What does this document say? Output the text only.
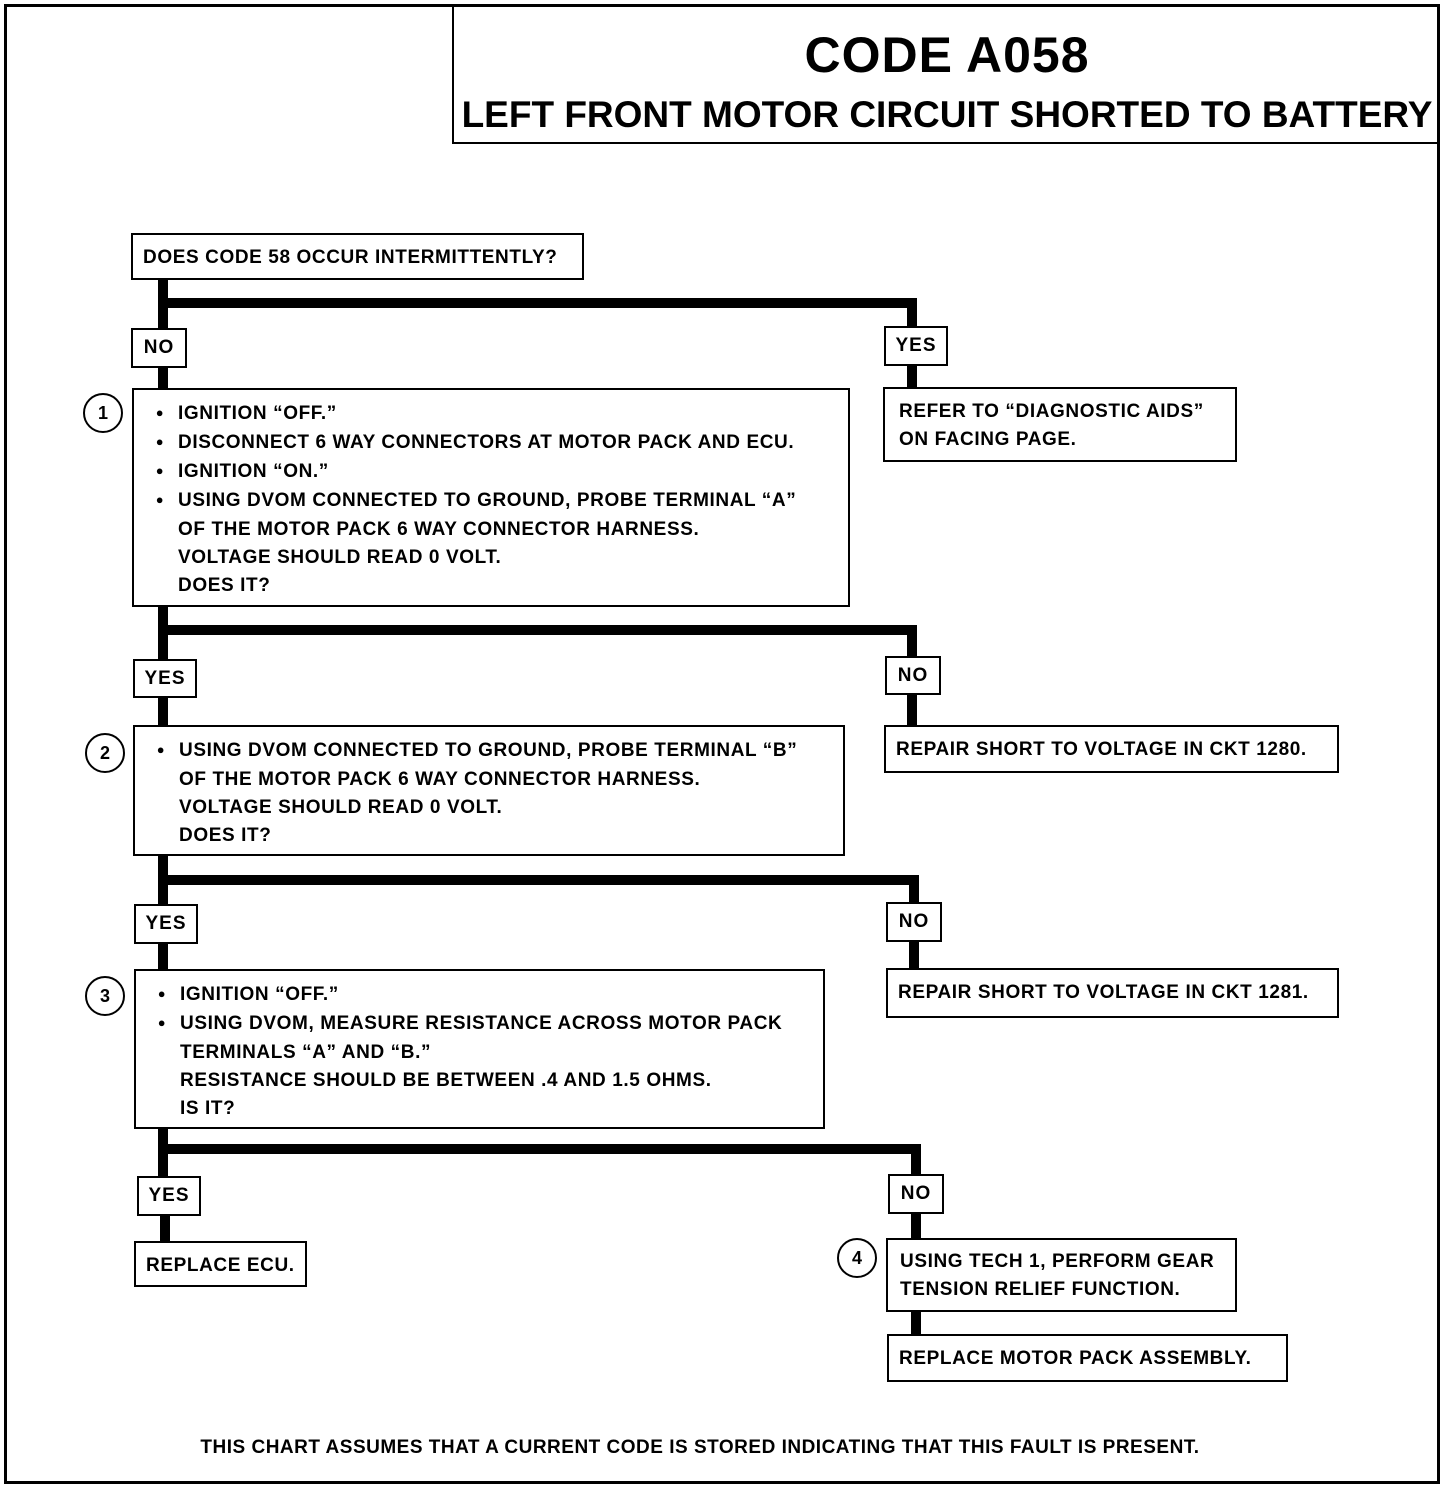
CODE A058
LEFT FRONT MOTOR CIRCUIT SHORTED TO BATTERY
DOES CODE 58 OCCUR INTERMITTENTLY?
NO	YES
YES	NO
YES	NO
YES	NO
1
2
3
4
●
IGNITION “OFF.”
●
DISCONNECT 6 WAY CONNECTORS AT MOTOR PACK AND ECU.
●
IGNITION “ON.”
●
USING DVOM CONNECTED TO GROUND, PROBE TERMINAL “A”
OF THE MOTOR PACK 6 WAY CONNECTOR HARNESS.
VOLTAGE SHOULD READ 0 VOLT.
DOES IT?
●
USING DVOM CONNECTED TO GROUND, PROBE TERMINAL “B”
OF THE MOTOR PACK 6 WAY CONNECTOR HARNESS.
VOLTAGE SHOULD READ 0 VOLT.
DOES IT?
●
IGNITION “OFF.”
●
USING DVOM, MEASURE RESISTANCE ACROSS MOTOR PACK
TERMINALS “A” AND “B.”
RESISTANCE SHOULD BE BETWEEN .4 AND 1.5 OHMS.
IS IT?
USING TECH 1, PERFORM GEAR
TENSION RELIEF FUNCTION.
REFER TO “DIAGNOSTIC AIDS”
ON FACING PAGE.
REPAIR SHORT TO VOLTAGE IN CKT 1280.
REPAIR SHORT TO VOLTAGE IN CKT 1281.
REPLACE ECU.
REPLACE MOTOR PACK ASSEMBLY.
THIS CHART ASSUMES THAT A CURRENT CODE IS STORED INDICATING THAT THIS FAULT IS PRESENT.
